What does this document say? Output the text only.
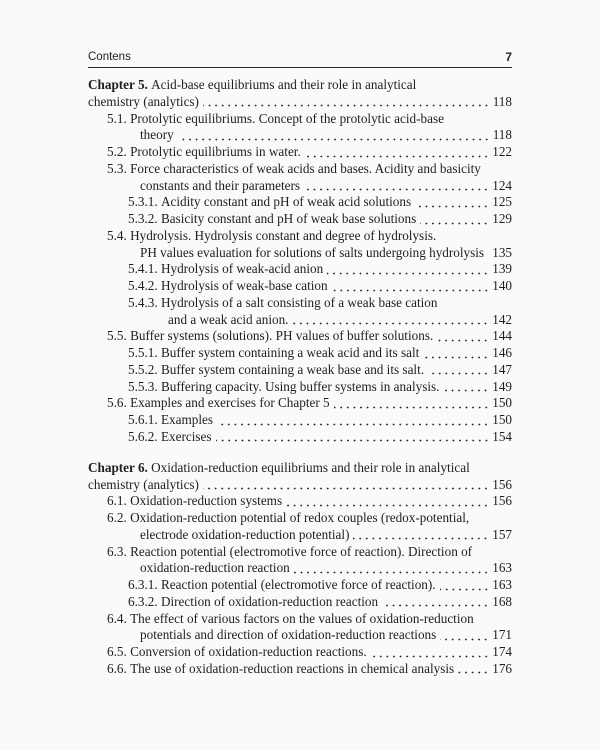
Contens	7
Chapter 5. Acid-base equilibriums and their role in analytical
chemistry (analytics)	118
5.1. Protolytic equilibriums. Concept of the protolytic acid-base
theory	118
5.2. Protolytic equilibriums in water.	122
5.3. Force characteristics of weak acids and bases. Acidity and basicity
constants and their parameters	124
5.3.1. Acidity constant and pH of weak acid solutions	125
5.3.2. Basicity constant and pH of weak base solutions	129
5.4. Hydrolysis. Hydrolysis constant and degree of hydrolysis.
PH values evaluation for solutions of salts undergoing hydrolysis 135
5.4.1. Hydrolysis of weak-acid anion	139
5.4.2. Hydrolysis of weak-base cation	140
5.4.3. Hydrolysis of a salt consisting of a weak base cation
and a weak acid anion.	142
5.5. Buffer systems (solutions). PH values of buffer solutions.	144
5.5.1. Buffer system containing a weak acid and its salt	146
5.5.2. Buffer system containing a weak base and its salt.	147
5.5.3. Buffering capacity. Using buffer systems in analysis.	149
5.6. Examples and exercises for Chapter 5	150
5.6.1. Examples	150
5.6.2. Exercises	154
Chapter 6. Oxidation-reduction equilibriums and their role in analytical
chemistry (analytics)	156
6.1. Oxidation-reduction systems	156
6.2. Oxidation-reduction potential of redox couples (redox-potential,
electrode oxidation-reduction potential)	157
6.3. Reaction potential (electromotive force of reaction). Direction of
oxidation-reduction reaction	163
6.3.1. Reaction potential (electromotive force of reaction).	163
6.3.2. Direction of oxidation-reduction reaction	168
6.4. The effect of various factors on the values of oxidation-reduction
potentials and direction of oxidation-reduction reactions	171
6.5. Conversion of oxidation-reduction reactions.	174
6.6. The use of oxidation-reduction reactions in chemical analysis	176
